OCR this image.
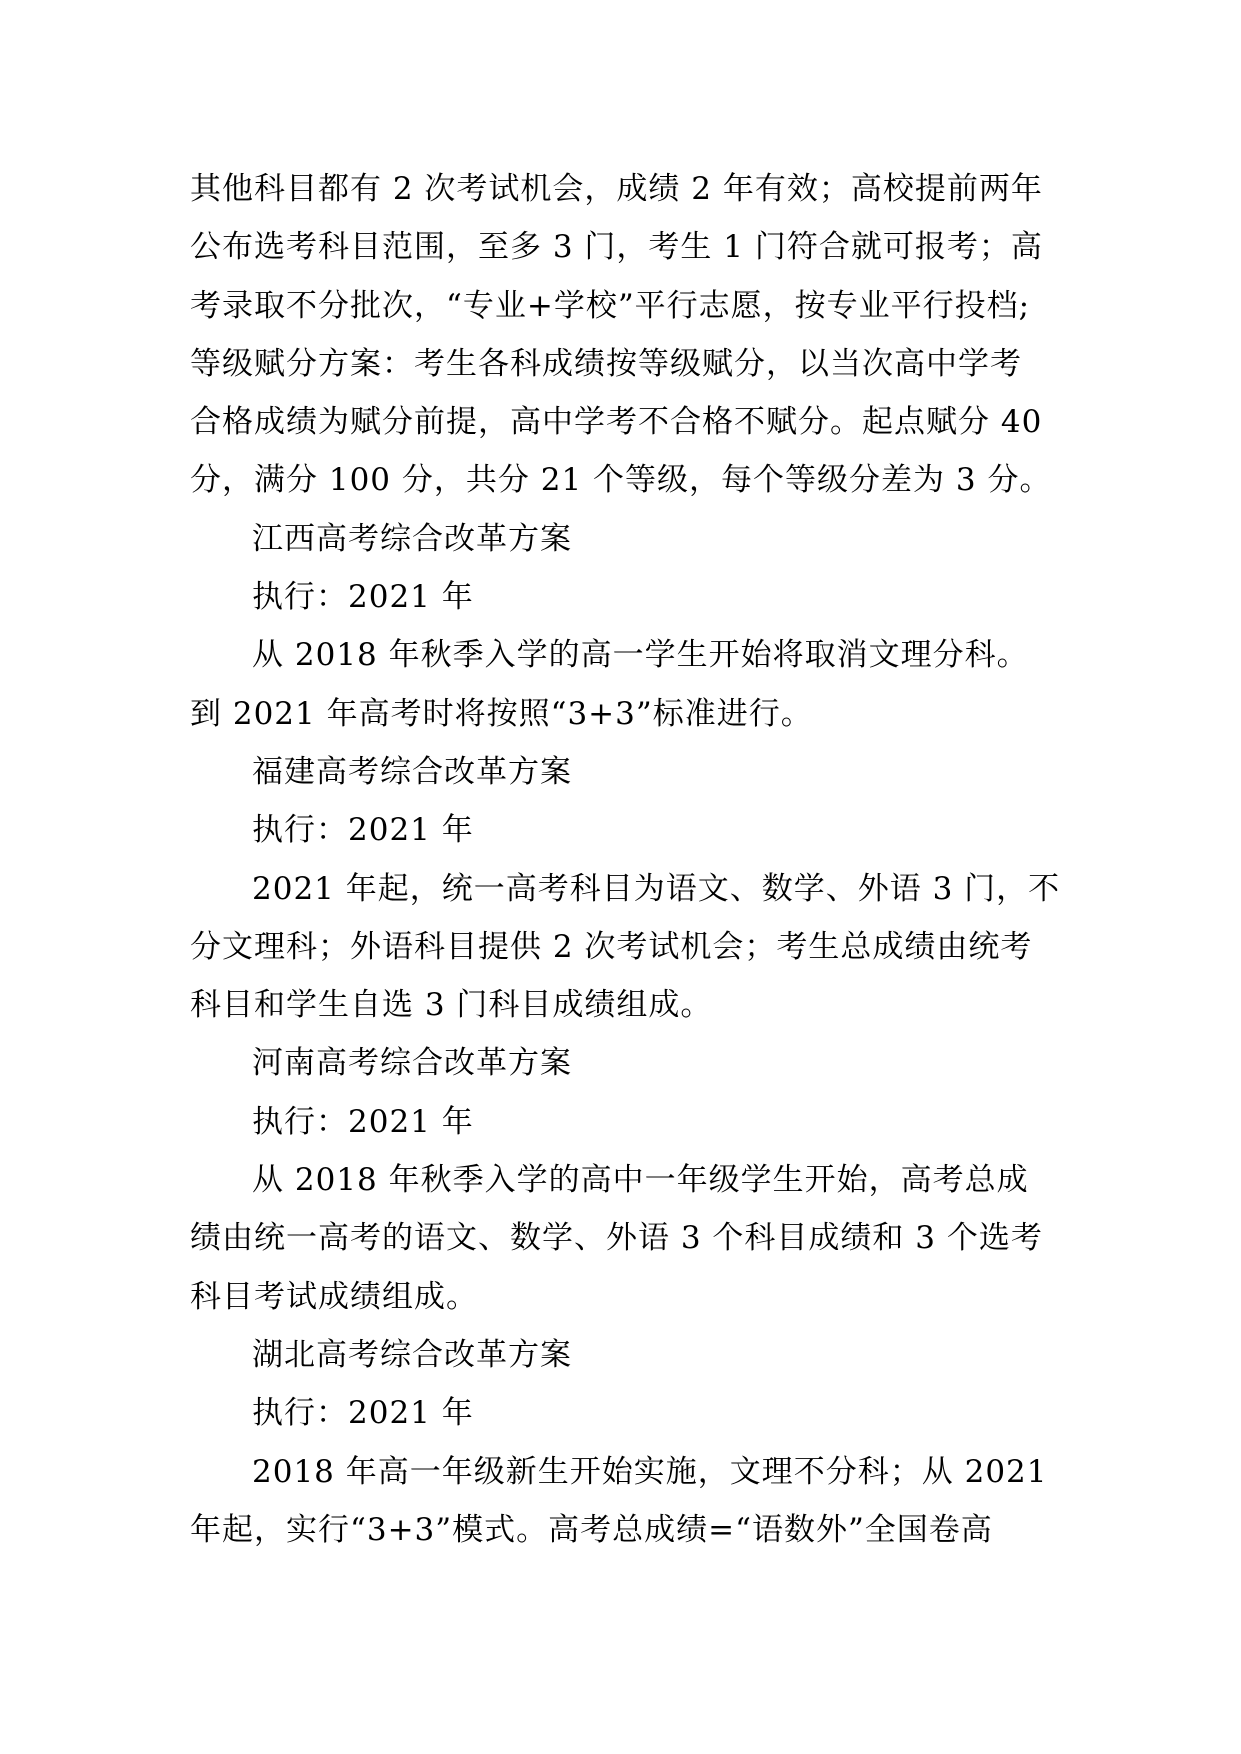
其他科目都有 2 次考试机会，成绩 2 年有效；高校提前两年
公布选考科目范围，至多 3 门，考生 1 门符合就可报考；高
考录取不分批次，“专业+学校”平行志愿，按专业平行投档;
等级赋分方案：考生各科成绩按等级赋分，以当次高中学考
合格成绩为赋分前提，高中学考不合格不赋分。起点赋分 40
分，满分 100 分，共分 21 个等级，每个等级分差为 3 分。
江西高考综合改革方案
执行：2021 年
从 2018 年秋季入学的高一学生开始将取消文理分科。
到 2021 年高考时将按照“3+3”标准进行。
福建高考综合改革方案
执行：2021 年
2021 年起，统一高考科目为语文、数学、外语 3 门，不
分文理科；外语科目提供 2 次考试机会；考生总成绩由统考
科目和学生自选 3 门科目成绩组成。
河南高考综合改革方案
执行：2021 年
从 2018 年秋季入学的高中一年级学生开始，高考总成
绩由统一高考的语文、数学、外语 3 个科目成绩和 3 个选考
科目考试成绩组成。
湖北高考综合改革方案
执行：2021 年
2018 年高一年级新生开始实施，文理不分科；从 2021
年起，实行“3+3”模式。高考总成绩=“语数外”全国卷高
